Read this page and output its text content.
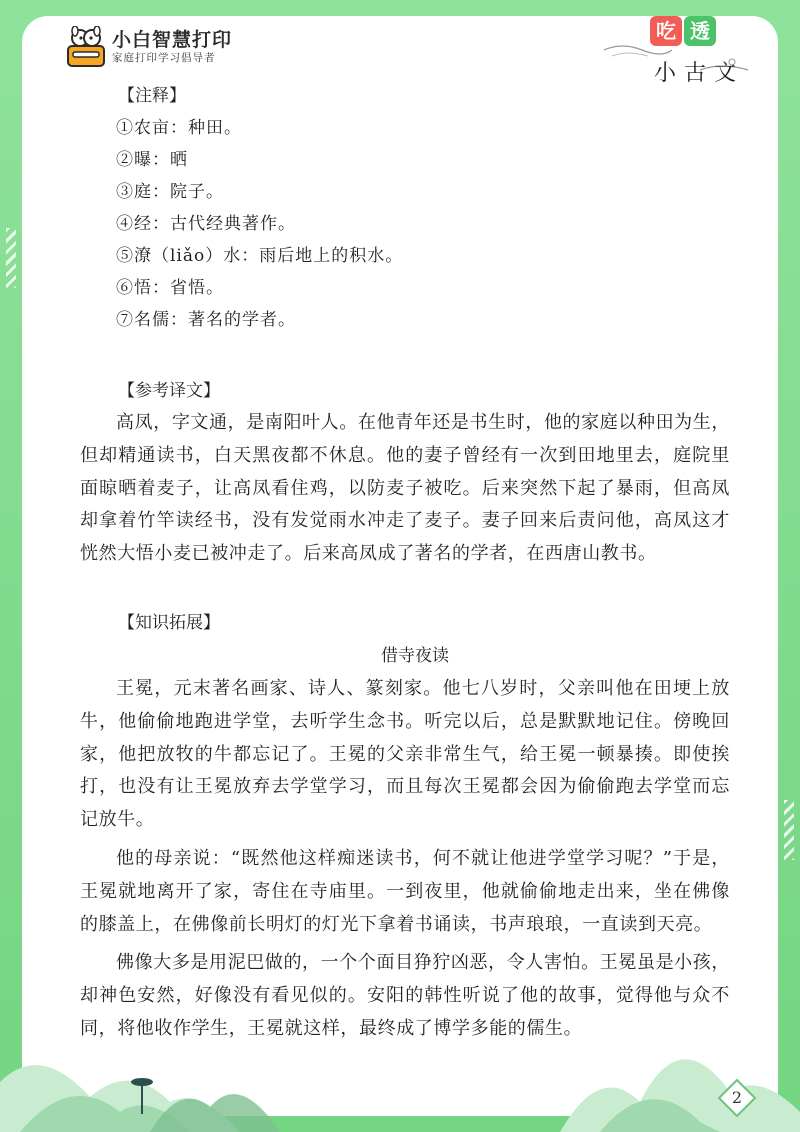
小白智慧打印
家庭打印学习倡导者
吃 透
小古文
【注释】
①农亩：种田。
②曝：晒
③庭：院子。
④经：古代经典著作。
⑤潦（liǎo）水：雨后地上的积水。
⑥悟：省悟。
⑦名儒：著名的学者。
【参考译文】

高凤，字文通，是南阳叶人。在他青年还是书生时，他的家庭以种田为生，但却精通读书，白天黑夜都不休息。他的妻子曾经有一次到田地里去，庭院里面晾晒着麦子，让高凤看住鸡，以防麦子被吃。后来突然下起了暴雨，但高凤却拿着竹竿读经书，没有发觉雨水冲走了麦子。妻子回来后责问他，高凤这才恍然大悟小麦已被冲走了。后来高凤成了著名的学者，在西唐山教书。

【知识拓展】
借寺夜读

王冕，元末著名画家、诗人、篆刻家。他七八岁时，父亲叫他在田埂上放牛，他偷偷地跑进学堂，去听学生念书。听完以后，总是默默地记住。傍晚回家，他把放牧的牛都忘记了。王冕的父亲非常生气，给王冕一顿暴揍。即使挨打，也没有让王冕放弃去学堂学习，而且每次王冕都会因为偷偷跑去学堂而忘记放牛。

他的母亲说：“既然他这样痴迷读书，何不就让他进学堂学习呢？”于是，王冕就地离开了家，寄住在寺庙里。一到夜里，他就偷偷地走出来，坐在佛像的膝盖上，在佛像前长明灯的灯光下拿着书诵读，书声琅琅，一直读到天亮。

佛像大多是用泥巴做的，一个个面目狰狞凶恶，令人害怕。王冕虽是小孩，却神色安然，好像没有看见似的。安阳的韩性听说了他的故事，觉得他与众不同，将他收作学生，王冕就这样，最终成了博学多能的儒生。

2
